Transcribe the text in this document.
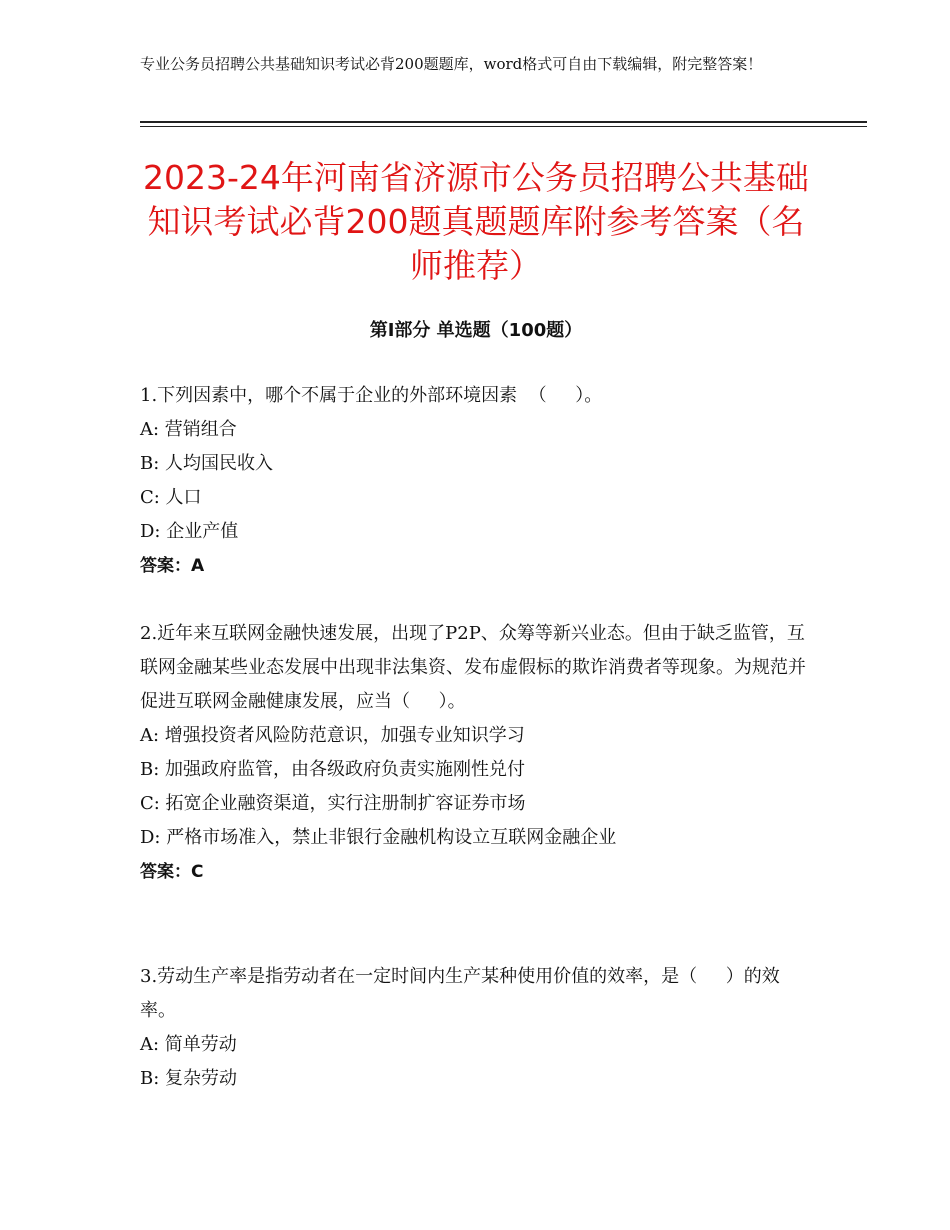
专业公务员招聘公共基础知识考试必背200题题库，word格式可自由下载编辑，附完整答案！
2023-24年河南省济源市公务员招聘公共基础知识考试必背200题真题题库附参考答案（名师推荐）
第Ⅰ部分 单选题（100题）

1.下列因素中，哪个不属于企业的外部环境因素  （     ）。

A: 营销组合

B: 人均国民收入

C: 人口

D: 企业产值

答案：A

2.近年来互联网金融快速发展，出现了P2P、众筹等新兴业态。但由于缺乏监管，互联网金融某些业态发展中出现非法集资、发布虚假标的欺诈消费者等现象。为规范并促进互联网金融健康发展，应当（     ）。

A: 增强投资者风险防范意识，加强专业知识学习

B: 加强政府监管，由各级政府负责实施刚性兑付

C: 拓宽企业融资渠道，实行注册制扩容证券市场

D: 严格市场准入，禁止非银行金融机构设立互联网金融企业

答案：C

3.劳动生产率是指劳动者在一定时间内生产某种使用价值的效率，是（     ）的效率。

A: 简单劳动

B: 复杂劳动
